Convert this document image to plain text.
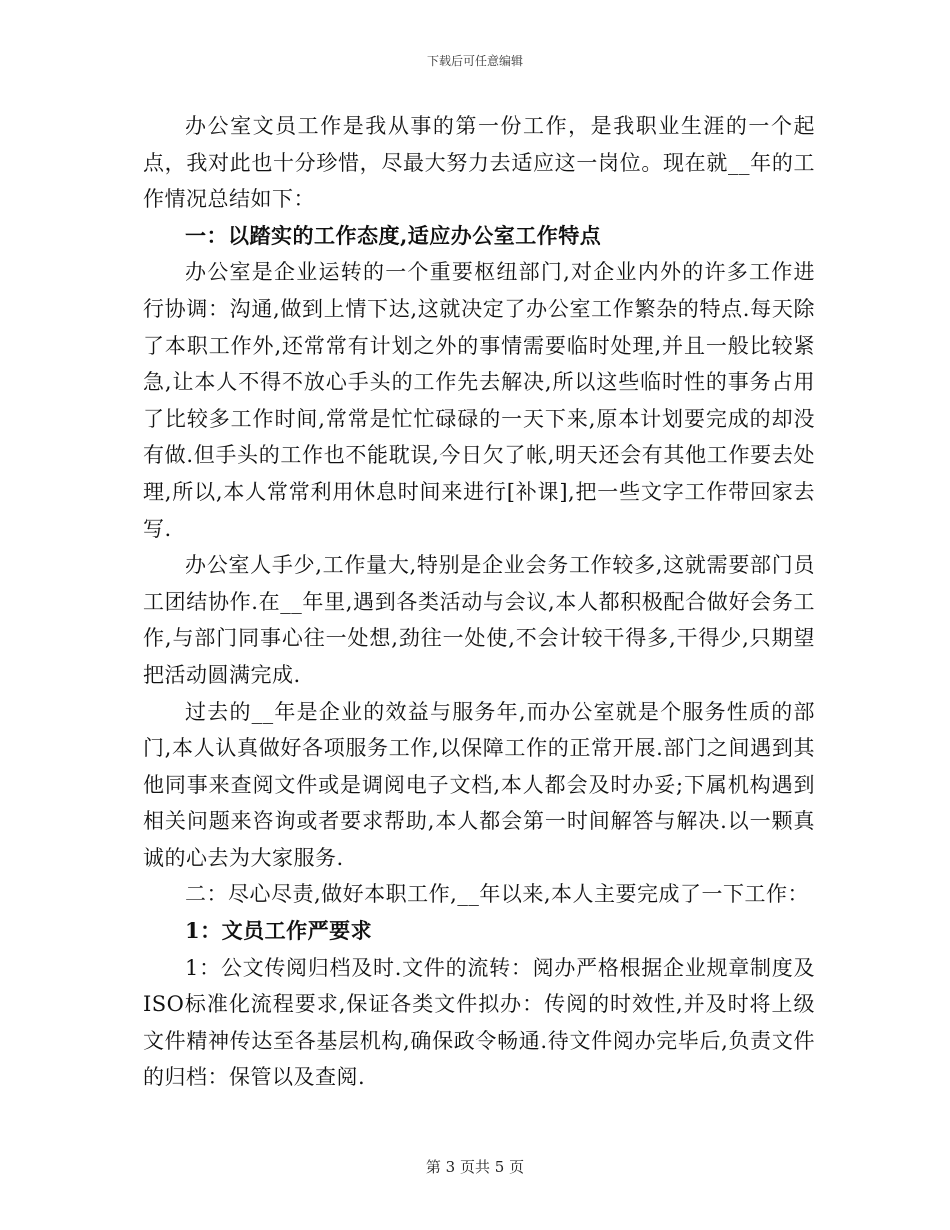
下载后可任意编辑

办公室文员工作是我从事的第一份工作，是我职业生涯的一个起点，我对此也十分珍惜，尽最大努力去适应这一岗位。现在就__年的工作情况总结如下：

一：以踏实的工作态度,适应办公室工作特点

办公室是企业运转的一个重要枢纽部门,对企业内外的许多工作进行协调：沟通,做到上情下达,这就决定了办公室工作繁杂的特点.每天除了本职工作外,还常常有计划之外的事情需要临时处理,并且一般比较紧急,让本人不得不放心手头的工作先去解决,所以这些临时性的事务占用了比较多工作时间,常常是忙忙碌碌的一天下来,原本计划要完成的却没有做.但手头的工作也不能耽误,今日欠了帐,明天还会有其他工作要去处理,所以,本人常常利用休息时间来进行[补课],把一些文字工作带回家去写.

办公室人手少,工作量大,特别是企业会务工作较多,这就需要部门员工团结协作.在__年里,遇到各类活动与会议,本人都积极配合做好会务工作,与部门同事心往一处想,劲往一处使,不会计较干得多,干得少,只期望把活动圆满完成.

过去的__年是企业的效益与服务年,而办公室就是个服务性质的部门,本人认真做好各项服务工作,以保障工作的正常开展.部门之间遇到其他同事来查阅文件或是调阅电子文档,本人都会及时办妥;下属机构遇到相关问题来咨询或者要求帮助,本人都会第一时间解答与解决.以一颗真诚的心去为大家服务.

二：尽心尽责,做好本职工作,__年以来,本人主要完成了一下工作：

1：文员工作严要求

1：公文传阅归档及时.文件的流转：阅办严格根据企业规章制度及ISO标准化流程要求,保证各类文件拟办：传阅的时效性,并及时将上级文件精神传达至各基层机构,确保政令畅通.待文件阅办完毕后,负责文件的归档：保管以及查阅.

第 3 页共 5 页
